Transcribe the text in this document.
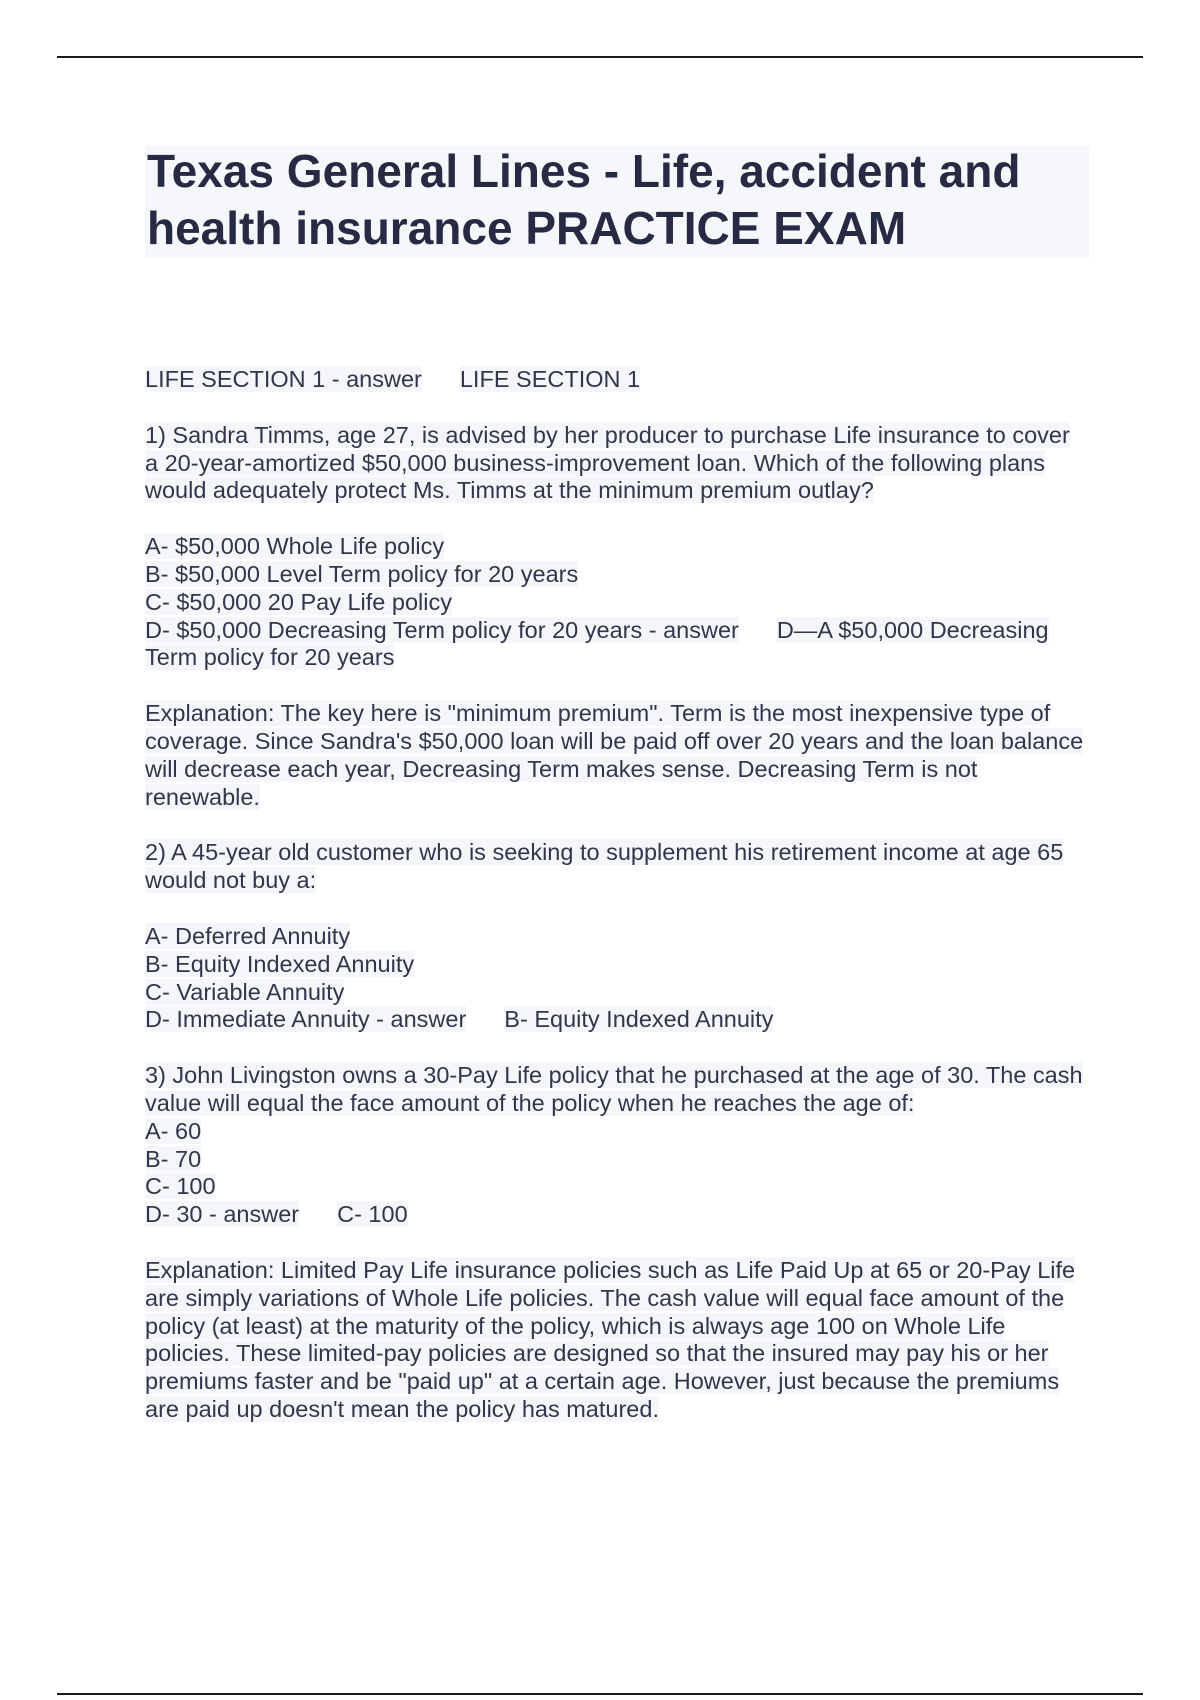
Texas General Lines - Life, accident and health insurance PRACTICE EXAM

LIFE SECTION 1 - answer LIFE SECTION 1

1) Sandra Timms, age 27, is advised by her producer to purchase Life insurance to cover a 20-year-amortized $50,000 business-improvement loan. Which of the following plans would adequately protect Ms. Timms at the minimum premium outlay?

A- $50,000 Whole Life policy
B- $50,000 Level Term policy for 20 years
C- $50,000 20 Pay Life policy
D- $50,000 Decreasing Term policy for 20 years - answer D—A $50,000 Decreasing Term policy for 20 years

Explanation: The key here is "minimum premium". Term is the most inexpensive type of coverage. Since Sandra's $50,000 loan will be paid off over 20 years and the loan balance will decrease each year, Decreasing Term makes sense. Decreasing Term is not renewable.

2) A 45-year old customer who is seeking to supplement his retirement income at age 65 would not buy a:

A- Deferred Annuity
B- Equity Indexed Annuity
C- Variable Annuity
D- Immediate Annuity - answer B- Equity Indexed Annuity

3) John Livingston owns a 30-Pay Life policy that he purchased at the age of 30. The cash value will equal the face amount of the policy when he reaches the age of:

A- 60
B- 70
C- 100
D- 30 - answer C- 100

Explanation: Limited Pay Life insurance policies such as Life Paid Up at 65 or 20-Pay Life are simply variations of Whole Life policies. The cash value will equal face amount of the policy (at least) at the maturity of the policy, which is always age 100 on Whole Life policies. These limited-pay policies are designed so that the insured may pay his or her premiums faster and be "paid up" at a certain age. However, just because the premiums are paid up doesn't mean the policy has matured.
